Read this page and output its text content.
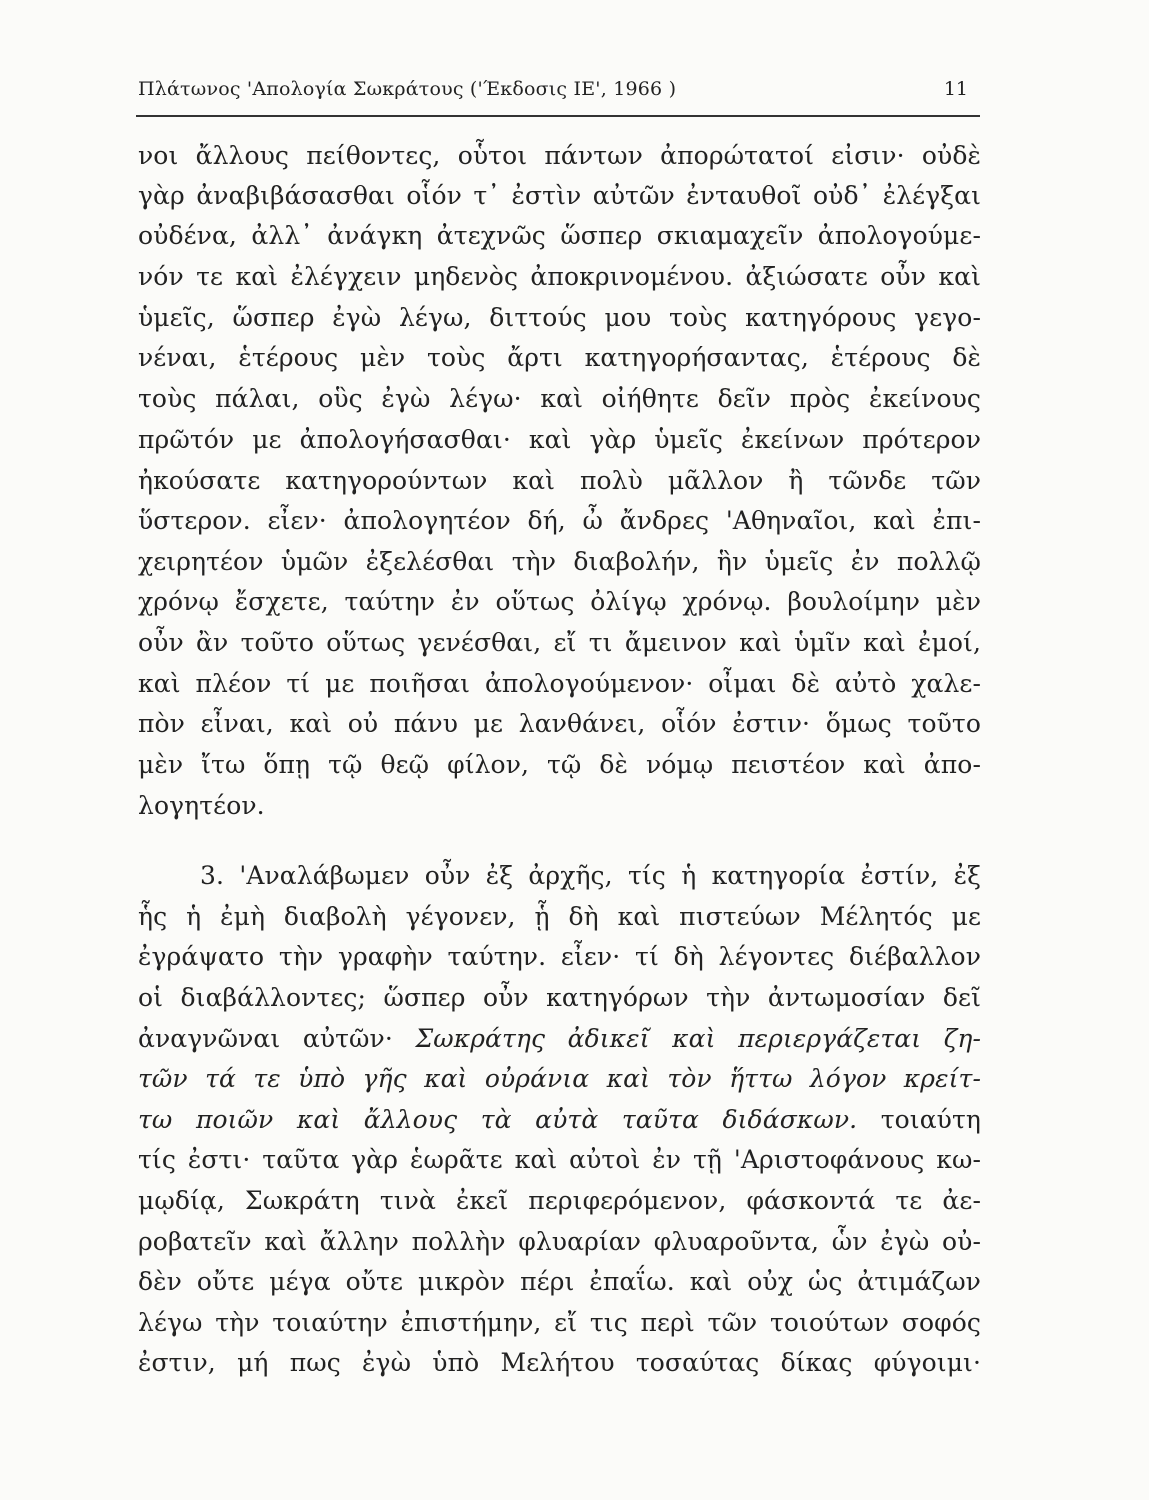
Πλάτωνος 'Απολογία Σωκράτους ('Έκδοσις ΙΕ', 1966 )	11
νοι ἄλλους πείθοντες, οὗτοι πάντων ἀπορώτατοί εἰσιν· οὐδὲ
γὰρ ἀναβιβάσασθαι οἷόν τ᾽ ἐστὶν αὐτῶν ἐνταυθοῖ οὐδ᾽ ἐλέγξαι
οὐδένα, ἀλλ᾽ ἀνάγκη ἀτεχνῶς ὥσπερ σκιαμαχεῖν ἀπολογούμε-
νόν τε καὶ ἐλέγχειν μηδενὸς ἀποκρινομένου. ἀξιώσατε οὖν καὶ
ὑμεῖς, ὥσπερ ἐγὼ λέγω, διττούς μου τοὺς κατηγόρους γεγο-
νέναι, ἑτέρους μὲν τοὺς ἄρτι κατηγορήσαντας, ἑτέρους δὲ
τοὺς πάλαι, οὓς ἐγὼ λέγω· καὶ οἰήθητε δεῖν πρὸς ἐκείνους
πρῶτόν με ἀπολογήσασθαι· καὶ γὰρ ὑμεῖς ἐκείνων πρότερον
ἠκούσατε κατηγορούντων καὶ πολὺ μᾶλλον ἢ τῶνδε τῶν
ὕστερον. εἶεν· ἀπολογητέον δή, ὦ ἄνδρες 'Αθηναῖοι, καὶ ἐπι-
χειρητέον ὑμῶν ἐξελέσθαι τὴν διαβολήν, ἣν ὑμεῖς ἐν πολλῷ
χρόνῳ ἔσχετε, ταύτην ἐν οὕτως ὀλίγῳ χρόνῳ. βουλοίμην μὲν
οὖν ἂν τοῦτο οὕτως γενέσθαι, εἴ τι ἄμεινον καὶ ὑμῖν καὶ ἐμοί,
καὶ πλέον τί με ποιῆσαι ἀπολογούμενον· οἶμαι δὲ αὐτὸ χαλε-
πὸν εἶναι, καὶ οὐ πάνυ με λανθάνει, οἷόν ἐστιν· ὅμως τοῦτο
μὲν ἴτω ὅπῃ τῷ θεῷ φίλον, τῷ δὲ νόμῳ πειστέον καὶ ἀπο-
λογητέον.
3. 'Αναλάβωμεν οὖν ἐξ ἀρχῆς, τίς ἡ κατηγορία ἐστίν, ἐξ
ἧς ἡ ἐμὴ διαβολὴ γέγονεν, ᾗ δὴ καὶ πιστεύων Μέλητός με
ἐγράψατο τὴν γραφὴν ταύτην. εἶεν· τί δὴ λέγοντες διέβαλλον
οἱ διαβάλλοντες; ὥσπερ οὖν κατηγόρων τὴν ἀντωμοσίαν δεῖ
ἀναγνῶναι αὐτῶν· Σωκράτης ἀδικεῖ καὶ περιεργάζεται ζη-
τῶν τά τε ὑπὸ γῆς καὶ οὐράνια καὶ τὸν ἥττω λόγον κρείτ-
τω ποιῶν καὶ ἄλλους τὰ αὐτὰ ταῦτα διδάσκων. τοιαύτη
τίς ἐστι· ταῦτα γὰρ ἑωρᾶτε καὶ αὐτοὶ ἐν τῇ 'Αριστοφάνους κω-
μῳδίᾳ, Σωκράτη τινὰ ἐκεῖ περιφερόμενον, φάσκοντά τε ἀε-
ροβατεῖν καὶ ἄλλην πολλὴν φλυαρίαν φλυαροῦντα, ὧν ἐγὼ οὐ-
δὲν οὔτε μέγα οὔτε μικρὸν πέρι ἐπαΐω. καὶ οὐχ ὡς ἀτιμάζων
λέγω τὴν τοιαύτην ἐπιστήμην, εἴ τις περὶ τῶν τοιούτων σοφός
ἐστιν, μή πως ἐγὼ ὑπὸ Μελήτου τοσαύτας δίκας φύγοιμι·
